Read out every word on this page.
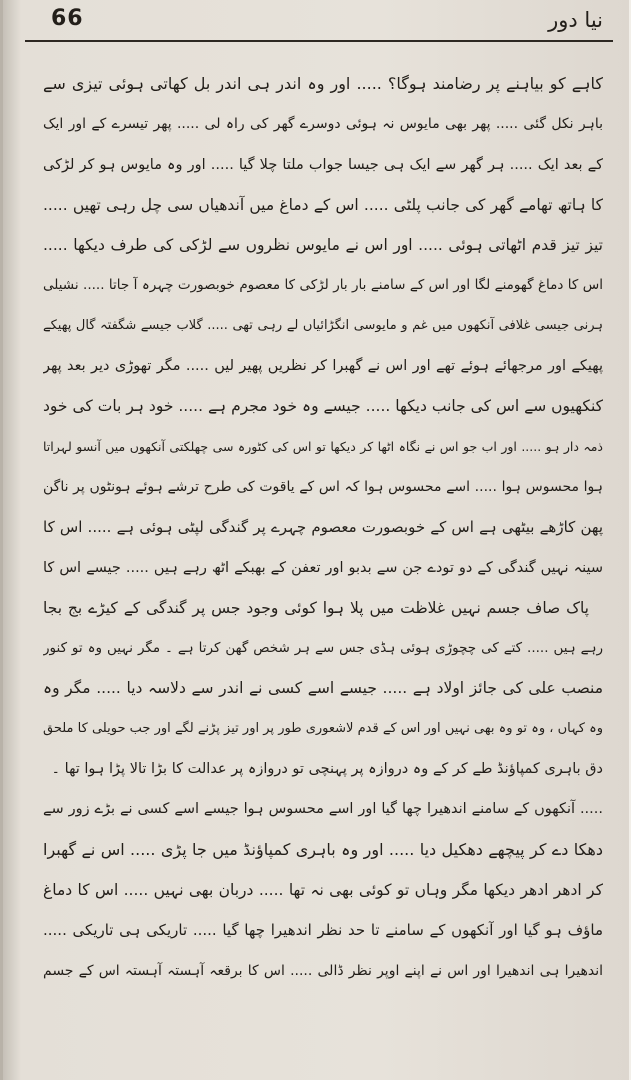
66	نیا دور
کاہے کو بیاہنے پر رضامند ہوگا؟ ..... اور وہ اندر ہی اندر بل کھاتی ہوئی تیزی سے
باہر نکل گئی ..... پھر بھی مایوس نہ ہوئی دوسرے گھر کی راہ لی ..... پھر تیسرے کے اور ایک
کے بعد ایک ..... ہر گھر سے ایک ہی جیسا جواب ملتا چلا گیا ..... اور وہ مایوس ہو کر لڑکی
کا ہاتھ تھامے گھر کی جانب پلٹی ..... اس کے دماغ میں آندھیاں سی چل رہی تھیں .....
تیز تیز قدم اٹھاتی ہوئی ..... اور اس نے مایوس نظروں سے لڑکی کی طرف دیکھا .....
اس کا دماغ گھومنے لگا اور اس کے سامنے بار بار لڑکی کا معصوم خوبصورت چہرہ آ جاتا ..... نشیلی
ہرنی جیسی غلافی آنکھوں میں غم و مایوسی انگڑائیاں لے رہی تھی ..... گلاب جیسے شگفتہ گال پھیکے
پھیکے اور مرجھائے ہوئے تھے اور اس نے گھبرا کر نظریں پھیر لیں ..... مگر تھوڑی دیر بعد پھر
کنکھیوں سے اس کی جانب دیکھا ..... جیسے وہ خود مجرم ہے ..... خود ہر بات کی خود
ذمہ دار ہو ..... اور اب جو اس نے نگاہ اٹھا کر دیکھا تو اس کی کٹورہ سی چھلکتی آنکھوں میں آنسو لہراتا
ہوا محسوس ہوا ..... اسے محسوس ہوا کہ اس کے یاقوت کی طرح ترشے ہوئے ہونٹوں پر ناگن
پھن کاڑھے بیٹھی ہے اس کے خوبصورت معصوم چہرے پر گندگی لپٹی ہوئی ہے ..... اس کا
سینہ نہیں گندگی کے دو تودے جن سے بدبو اور تعفن کے بھبکے اٹھ رہے ہیں ..... جیسے اس کا
پاک صاف جسم نہیں غلاظت میں پلا ہوا کوئی وجود جس پر گندگی کے کیڑے بج بجا
رہے ہیں ..... کتے کی چچوڑی ہوئی ہڈی جس سے ہر شخص گھن کرتا ہے ۔ مگر نہیں وہ تو کنور
منصب علی کی جائز اولاد ہے ..... جیسے اسے کسی نے اندر سے دلاسہ دیا ..... مگر وہ
وہ کہاں ، وہ تو وہ بھی نہیں اور اس کے قدم لاشعوری طور پر اور تیز پڑنے لگے اور جب حویلی کا ملحق
دق باہری کمپاؤنڈ طے کر کے وہ دروازہ پر پہنچی تو دروازہ پر عدالت کا بڑا تالا پڑا ہوا تھا ۔
..... آنکھوں کے سامنے اندھیرا چھا گیا اور اسے محسوس ہوا جیسے اسے کسی نے بڑے زور سے
دھکا دے کر پیچھے دھکیل دیا ..... اور وہ باہری کمپاؤنڈ میں جا پڑی ..... اس نے گھبرا
کر ادھر ادھر دیکھا مگر وہاں تو کوئی بھی نہ تھا ..... دربان بھی نہیں ..... اس کا دماغ
ماؤف ہو گیا اور آنکھوں کے سامنے تا حد نظر اندھیرا چھا گیا ..... تاریکی ہی تاریکی .....
اندھیرا ہی اندھیرا اور اس نے اپنے اوپر نظر ڈالی ..... اس کا برقعہ آہستہ آہستہ اس کے جسم
